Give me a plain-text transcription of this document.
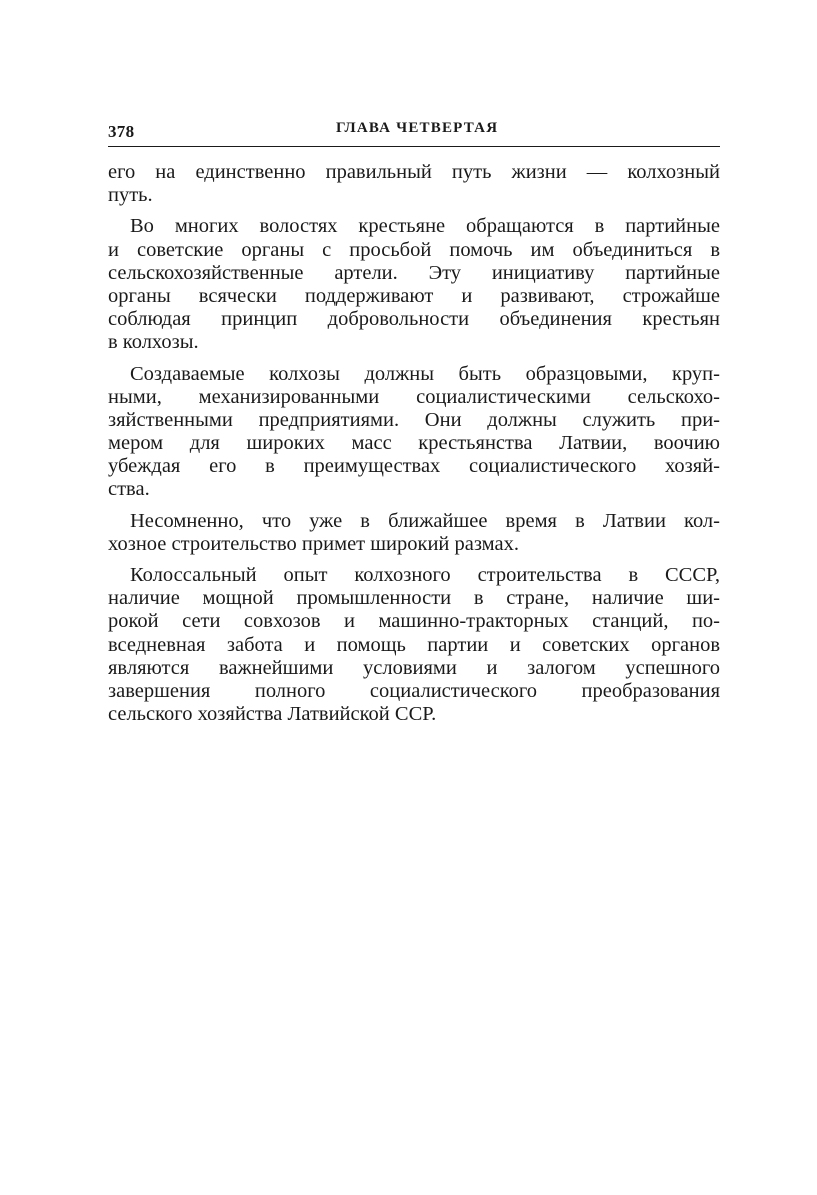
378	ГЛАВА ЧЕТВЕРТАЯ
его на единственно правильный путь жизни — колхозный
путь.
Во многих волостях крестьяне обращаются в партийные
и советские органы с просьбой помочь им объединиться в
сельскохозяйственные артели. Эту инициативу партийные
органы всячески поддерживают и развивают, строжайше
соблюдая принцип добровольности объединения крестьян
в колхозы.
Создаваемые колхозы должны быть образцовыми, круп-
ными, механизированными социалистическими сельскохо-
зяйственными предприятиями. Они должны служить при-
мером для широких масс крестьянства Латвии, воочию
убеждая его в преимуществах социалистического хозяй-
ства.
Несомненно, что уже в ближайшее время в Латвии кол-
хозное строительство примет широкий размах.
Колоссальный опыт колхозного строительства в СССР,
наличие мощной промышленности в стране, наличие ши-
рокой сети совхозов и машинно-тракторных станций, по-
вседневная забота и помощь партии и советских органов
являются важнейшими условиями и залогом успешного
завершения полного социалистического преобразования
сельского хозяйства Латвийской ССР.
